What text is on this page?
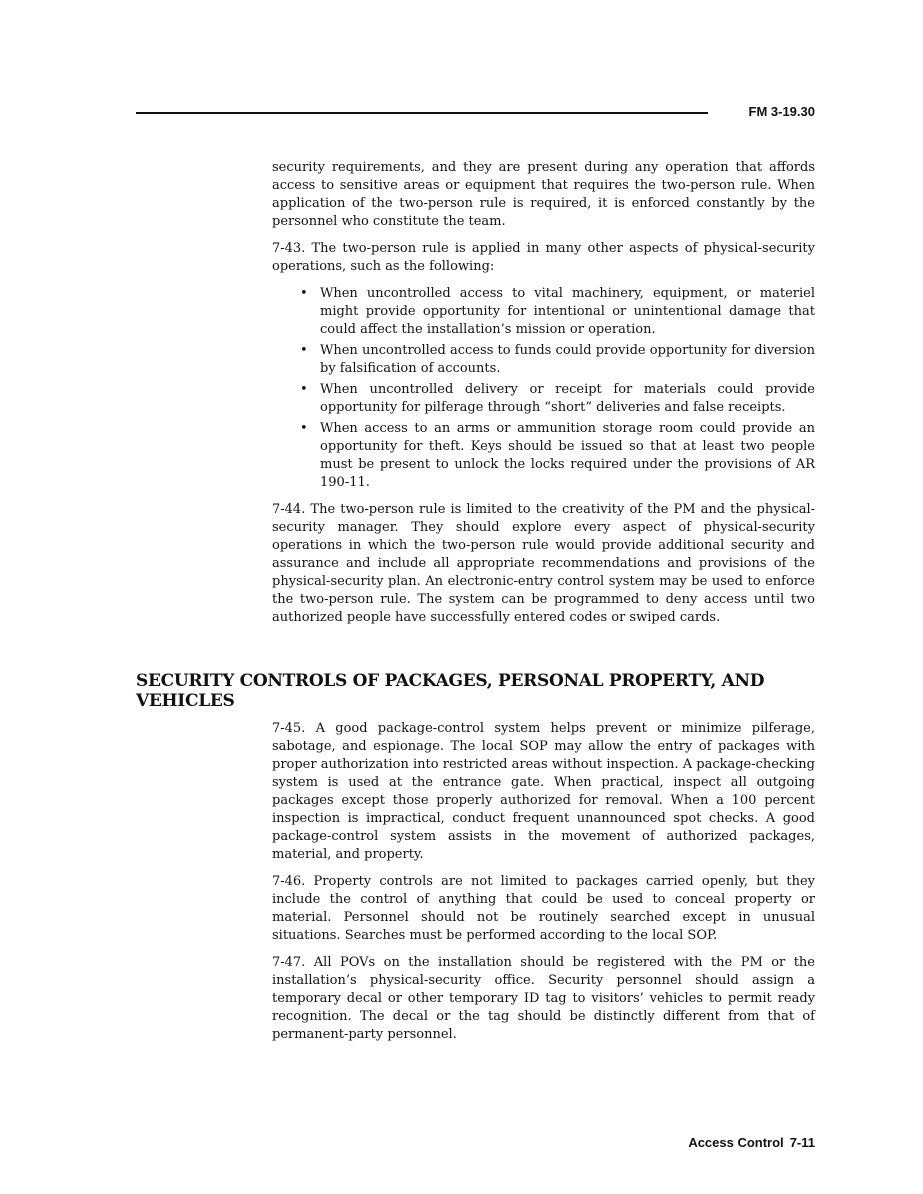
FM 3-19.30

security requirements, and they are present during any operation that affords access to sensitive areas or equipment that requires the two-person rule. When application of the two-person rule is required, it is enforced constantly by the personnel who constitute the team.

7-43. The two-person rule is applied in many other aspects of physical-security operations, such as the following:

• When uncontrolled access to vital machinery, equipment, or materiel might provide opportunity for intentional or unintentional damage that could affect the installation’s mission or operation.
• When uncontrolled access to funds could provide opportunity for diversion by falsification of accounts.
• When uncontrolled delivery or receipt for materials could provide opportunity for pilferage through “short” deliveries and false receipts.
• When access to an arms or ammunition storage room could provide an opportunity for theft. Keys should be issued so that at least two people must be present to unlock the locks required under the provisions of AR 190-11.

7-44. The two-person rule is limited to the creativity of the PM and the physical-security manager. They should explore every aspect of physical-security operations in which the two-person rule would provide additional security and assurance and include all appropriate recommendations and provisions of the physical-security plan. An electronic-entry control system may be used to enforce the two-person rule. The system can be programmed to deny access until two authorized people have successfully entered codes or swiped cards.

SECURITY CONTROLS OF PACKAGES, PERSONAL PROPERTY, AND VEHICLES

7-45. A good package-control system helps prevent or minimize pilferage, sabotage, and espionage. The local SOP may allow the entry of packages with proper authorization into restricted areas without inspection. A package-checking system is used at the entrance gate. When practical, inspect all outgoing packages except those properly authorized for removal. When a 100 percent inspection is impractical, conduct frequent unannounced spot checks. A good package-control system assists in the movement of authorized packages, material, and property.

7-46. Property controls are not limited to packages carried openly, but they include the control of anything that could be used to conceal property or material. Personnel should not be routinely searched except in unusual situations. Searches must be performed according to the local SOP.

7-47. All POVs on the installation should be registered with the PM or the installation’s physical-security office. Security personnel should assign a temporary decal or other temporary ID tag to visitors’ vehicles to permit ready recognition. The decal or the tag should be distinctly different from that of permanent-party personnel.

Access Control 7-11
